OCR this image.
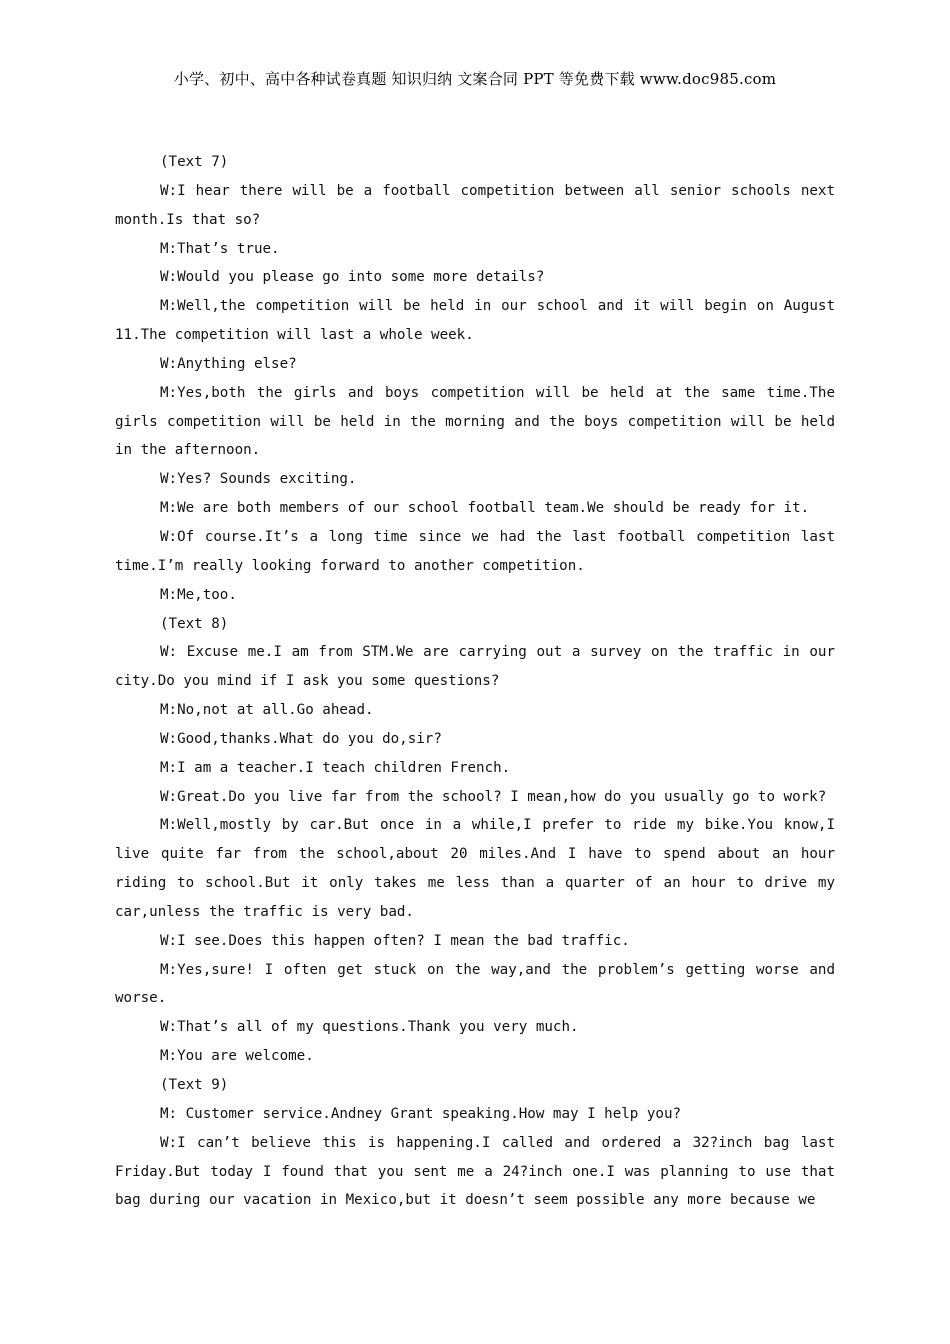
小学、初中、高中各种试卷真题 知识归纳 文案合同 PPT 等免费下载 www.doc985.com

(Text 7)

W:I hear there will be a football competition between all senior schools next month.Is that so?

M:That’s true.

W:Would you please go into some more details?

M:Well,the competition will be held in our school and it will begin on August 11.The competition will last a whole week.

W:Anything else?

M:Yes,both the girls and boys competition will be held at the same time.The girls competition will be held in the morning and the boys competition will be held in the afternoon.

W:Yes? Sounds exciting.

M:We are both members of our school football team.We should be ready for it.

W:Of course.It’s a long time since we had the last football competition last time.I’m really looking forward to another competition.

M:Me,too.

(Text 8)

W: Excuse me.I am from STM.We are carrying out a survey on the traffic in our city.Do you mind if I ask you some questions?

M:No,not at all.Go ahead.

W:Good,thanks.What do you do,sir?

M:I am a teacher.I teach children French.

W:Great.Do you live far from the school? I mean,how do you usually go to work?

M:Well,mostly by car.But once in a while,I prefer to ride my bike.You know,I live quite far from the school,about 20 miles.And I have to spend about an hour riding to school.But it only takes me less than a quarter of an hour to drive my car,unless the traffic is very bad.

W:I see.Does this happen often? I mean the bad traffic.

M:Yes,sure! I often get stuck on the way,and the problem’s getting worse and worse.

W:That’s all of my questions.Thank you very much.

M:You are welcome.

(Text 9)

M: Customer service.Andney Grant speaking.How may I help you?

W:I can’t believe this is happening.I called and ordered a 32?inch bag last Friday.But today I found that you sent me a 24?inch one.I was planning to use that bag during our vacation in Mexico,but it doesn’t seem possible any more because we
